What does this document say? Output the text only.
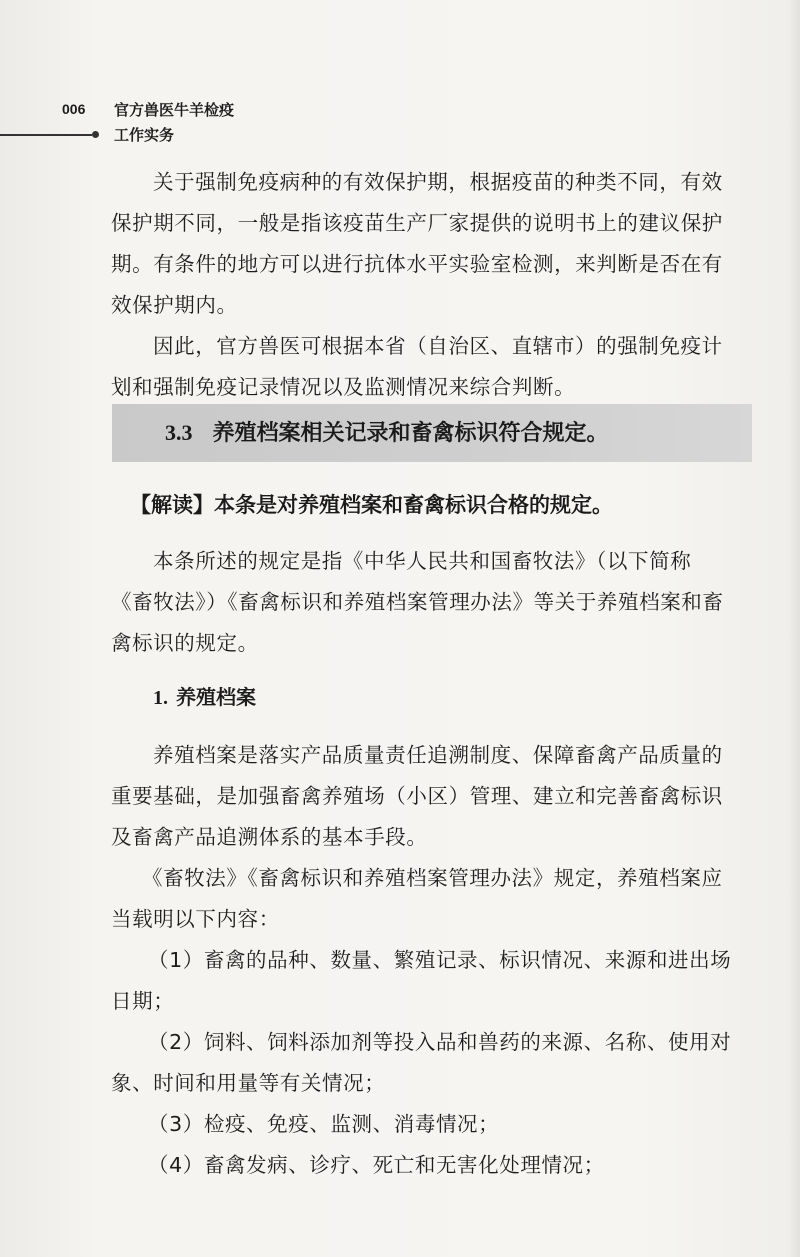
006 官方兽医牛羊检疫
工作实务
关于强制免疫病种的有效保护期，根据疫苗的种类不同，有效
保护期不同，一般是指该疫苗生产厂家提供的说明书上的建议保护
期。有条件的地方可以进行抗体水平实验室检测，来判断是否在有
效保护期内。
因此，官方兽医可根据本省（自治区、直辖市）的强制免疫计
划和强制免疫记录情况以及监测情况来综合判断。
3.3 养殖档案相关记录和畜禽标识符合规定。
【解读】本条是对养殖档案和畜禽标识合格的规定。
本条所述的规定是指《中华人民共和国畜牧法》（以下简称
《畜牧法》）《畜禽标识和养殖档案管理办法》等关于养殖档案和畜
禽标识的规定。
1. 养殖档案
养殖档案是落实产品质量责任追溯制度、保障畜禽产品质量的
重要基础，是加强畜禽养殖场（小区）管理、建立和完善畜禽标识
及畜禽产品追溯体系的基本手段。
《畜牧法》《畜禽标识和养殖档案管理办法》规定，养殖档案应
当载明以下内容：
（1）畜禽的品种、数量、繁殖记录、标识情况、来源和进出场
日期；
（2）饲料、饲料添加剂等投入品和兽药的来源、名称、使用对
象、时间和用量等有关情况；
（3）检疫、免疫、监测、消毒情况；
（4）畜禽发病、诊疗、死亡和无害化处理情况；
